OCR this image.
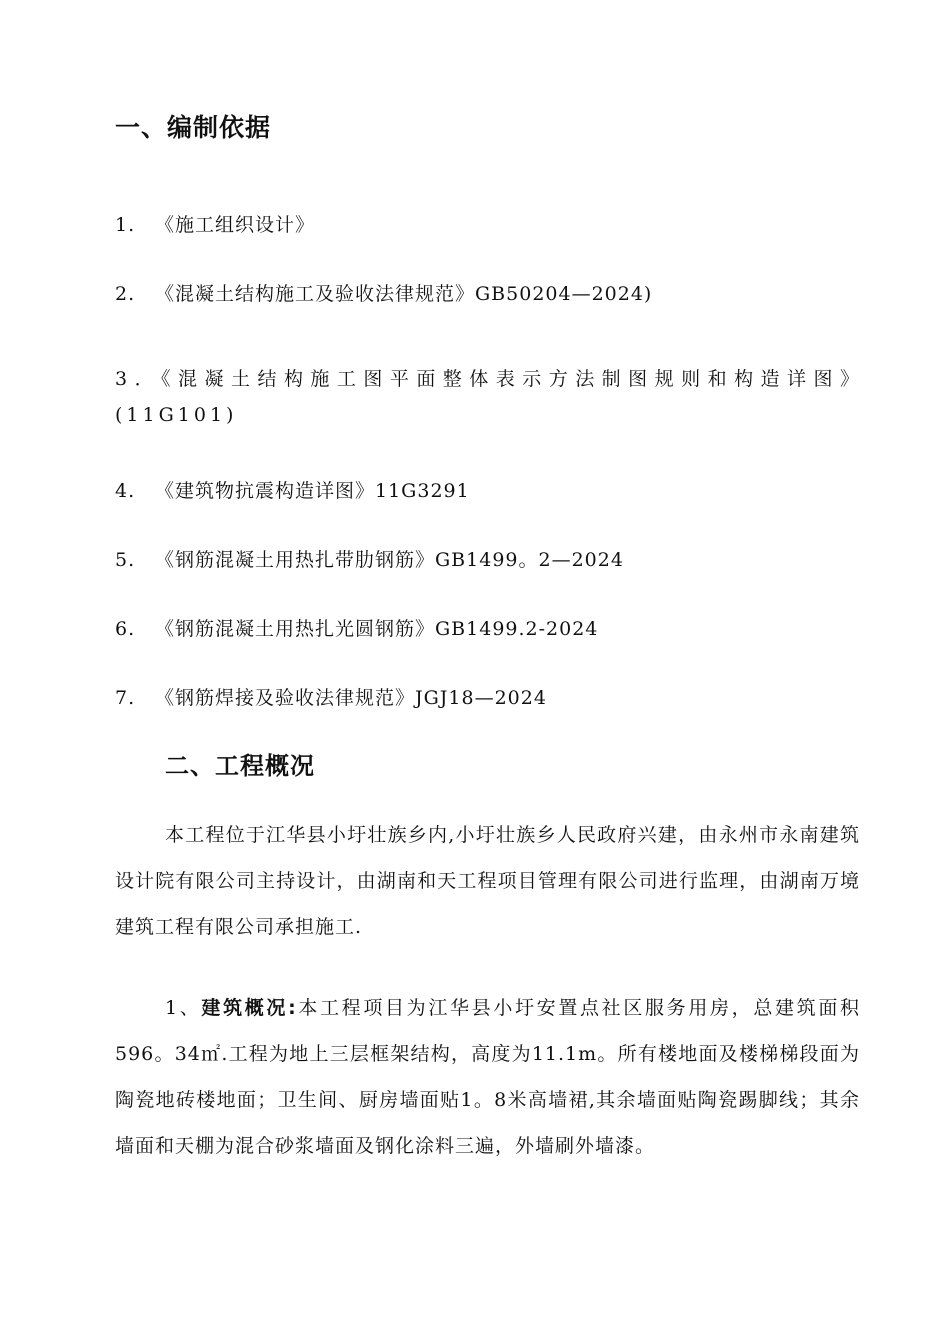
一、编制依据
1. 《施工组织设计》
2. 《混凝土结构施工及验收法律规范》GB50204—2024)
3．《混凝土结构施工图平面整体表示方法制图规则和构造详图》
(11G101)
4. 《建筑物抗震构造详图》11G3291
5. 《钢筋混凝土用热扎带肋钢筋》GB1499。2—2024
6. 《钢筋混凝土用热扎光圆钢筋》GB1499.2-2024
7. 《钢筋焊接及验收法律规范》JGJ18—2024
二、工程概况
本工程位于江华县小圩壮族乡内,小圩壮族乡人民政府兴建，由永州市永南建筑设计院有限公司主持设计，由湖南和天工程项目管理有限公司进行监理，由湖南万境建筑工程有限公司承担施工.
1、建筑概况:本工程项目为江华县小圩安置点社区服务用房，总建筑面积596。34㎡.工程为地上三层框架结构，高度为11.1m。所有楼地面及楼梯梯段面为陶瓷地砖楼地面；卫生间、厨房墙面贴1。8米高墙裙,其余墙面贴陶瓷踢脚线；其余墙面和天棚为混合砂浆墙面及钢化涂料三遍，外墙刷外墙漆。
